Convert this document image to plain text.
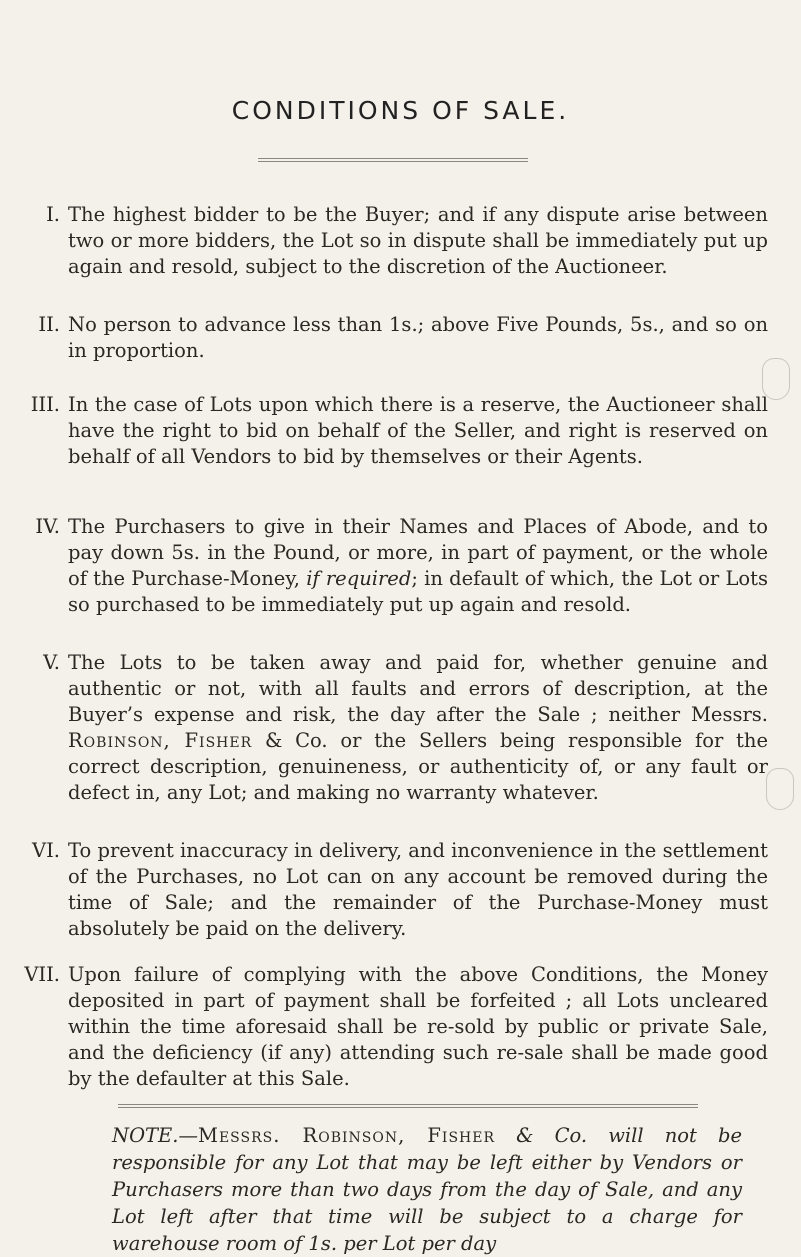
CONDITIONS OF SALE.
I. The highest bidder to be the Buyer; and if any dispute arise between two or more bidders, the Lot so in dispute shall be immediately put up again and resold, subject to the discretion of the Auctioneer.

II. No person to advance less than 1s.; above Five Pounds, 5s., and so on in proportion.

III. In the case of Lots upon which there is a reserve, the Auctioneer shall have the right to bid on behalf of the Seller, and right is reserved on behalf of all Vendors to bid by themselves or their Agents.

IV. The Purchasers to give in their Names and Places of Abode, and to pay down 5s. in the Pound, or more, in part of payment, or the whole of the Purchase-Money, if required; in default of which, the Lot or Lots so purchased to be immediately put up again and resold.

V. The Lots to be taken away and paid for, whether genuine and authentic or not, with all faults and errors of description, at the Buyer’s expense and risk, the day after the Sale ; neither Messrs. Robinson, Fisher & Co. or the Sellers being responsible for the correct description, genuineness, or authenticity of, or any fault or defect in, any Lot; and making no warranty whatever.

VI. To prevent inaccuracy in delivery, and inconvenience in the settlement of the Purchases, no Lot can on any account be removed during the time of Sale; and the remainder of the Purchase-Money must absolutely be paid on the delivery.

VII. Upon failure of complying with the above Conditions, the Money deposited in part of payment shall be forfeited ; all Lots uncleared within the time aforesaid shall be re-sold by public or private Sale, and the deficiency (if any) attending such re-sale shall be made good by the defaulter at this Sale.

NOTE.—Messrs. Robinson, Fisher & Co. will not be responsible for any Lot that may be left either by Vendors or Purchasers more than two days from the day of Sale, and any Lot left after that time will be subject to a charge for warehouse room of 1s. per Lot per day
